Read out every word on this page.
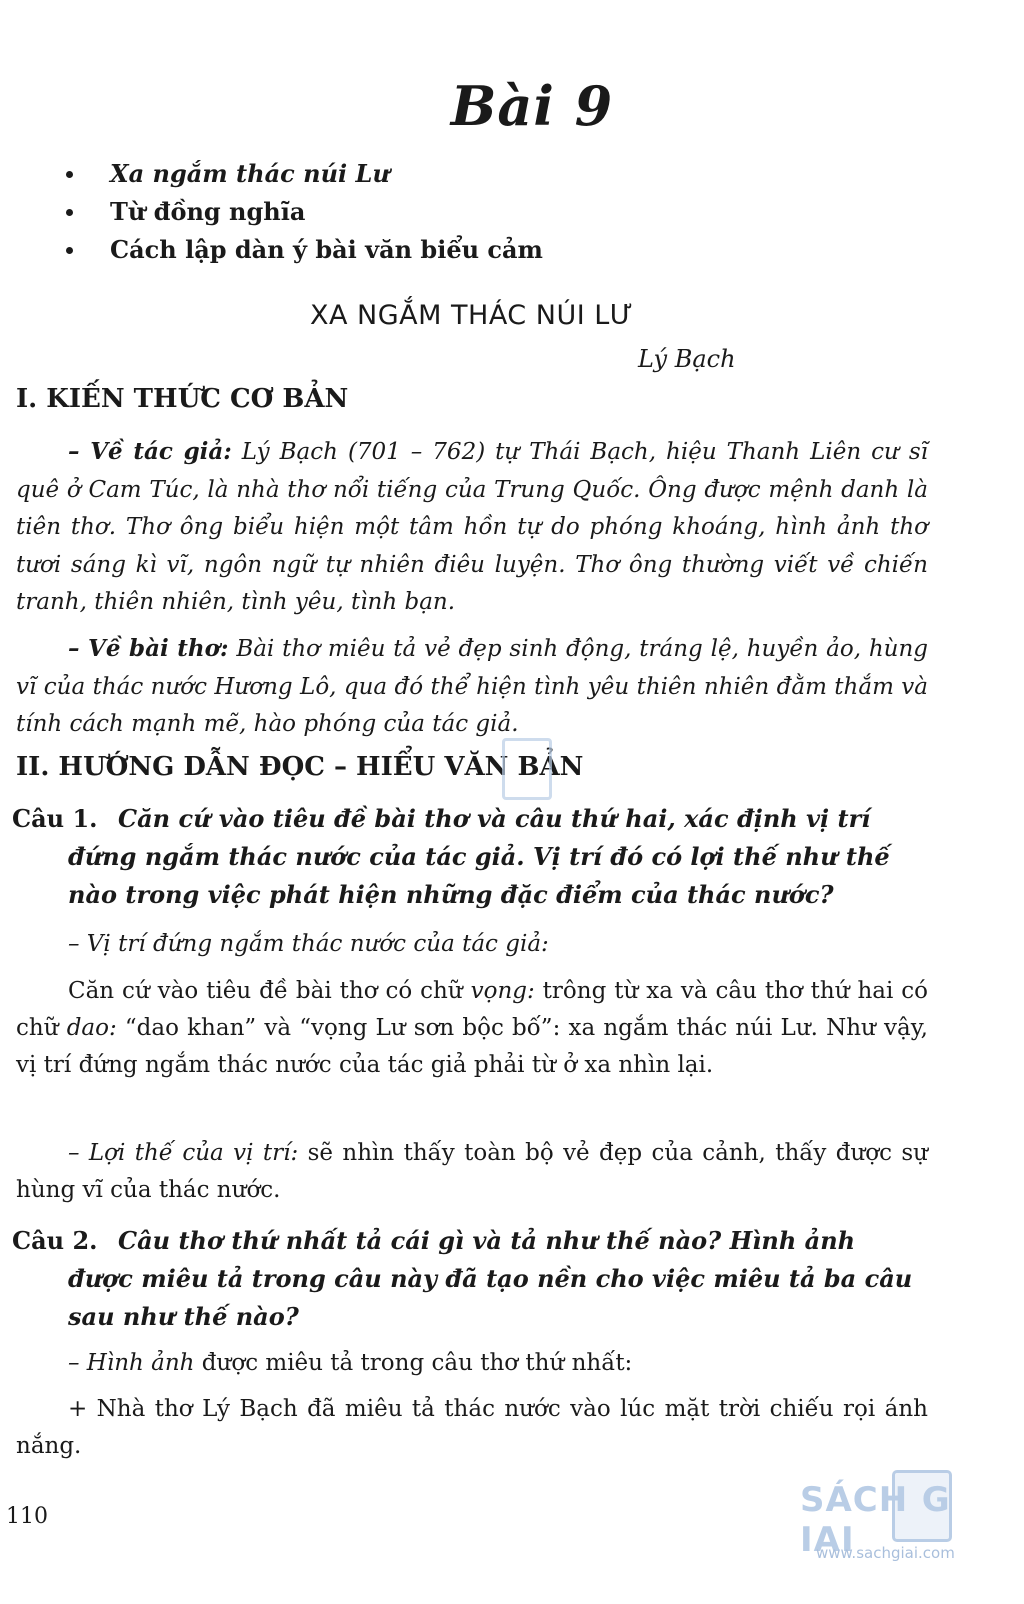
Bài 9
Xa ngắm thác núi Lư
Từ đồng nghĩa
Cách lập dàn ý bài văn biểu cảm
XA NGẮM THÁC NÚI LƯ
Lý Bạch
I. KIẾN THỨC CƠ BẢN

– Về tác giả: Lý Bạch (701 – 762) tự Thái Bạch, hiệu Thanh Liên cư sĩ quê ở Cam Túc, là nhà thơ nổi tiếng của Trung Quốc. Ông được mệnh danh là tiên thơ. Thơ ông biểu hiện một tâm hồn tự do phóng khoáng, hình ảnh thơ tươi sáng kì vĩ, ngôn ngữ tự nhiên điêu luyện. Thơ ông thường viết về chiến tranh, thiên nhiên, tình yêu, tình bạn.

– Về bài thơ: Bài thơ miêu tả vẻ đẹp sinh động, tráng lệ, huyền ảo, hùng vĩ của thác nước Hương Lô, qua đó thể hiện tình yêu thiên nhiên đằm thắm và tính cách mạnh mẽ, hào phóng của tác giả.

II. HƯỚNG DẪN ĐỌC – HIỂU VĂN BẢN
Câu 1. Căn cứ vào tiêu đề bài thơ và câu thứ hai, xác định vị trí đứng ngắm thác nước của tác giả. Vị trí đó có lợi thế như thế nào trong việc phát hiện những đặc điểm của thác nước?

– Vị trí đứng ngắm thác nước của tác giả:

Căn cứ vào tiêu đề bài thơ có chữ vọng: trông từ xa và câu thơ thứ hai có chữ dao: “dao khan” và “vọng Lư sơn bộc bố”: xa ngắm thác núi Lư. Như vậy, vị trí đứng ngắm thác nước của tác giả phải từ ở xa nhìn lại.

– Lợi thế của vị trí: sẽ nhìn thấy toàn bộ vẻ đẹp của cảnh, thấy được sự hùng vĩ của thác nước.

Câu 2. Câu thơ thứ nhất tả cái gì và tả như thế nào? Hình ảnh được miêu tả trong câu này đã tạo nền cho việc miêu tả ba câu sau như thế nào?

– Hình ảnh được miêu tả trong câu thơ thứ nhất:

+ Nhà thơ Lý Bạch đã miêu tả thác nước vào lúc mặt trời chiếu rọi ánh nắng.

110	SÁCH GIAI
www.sachgiai.com
